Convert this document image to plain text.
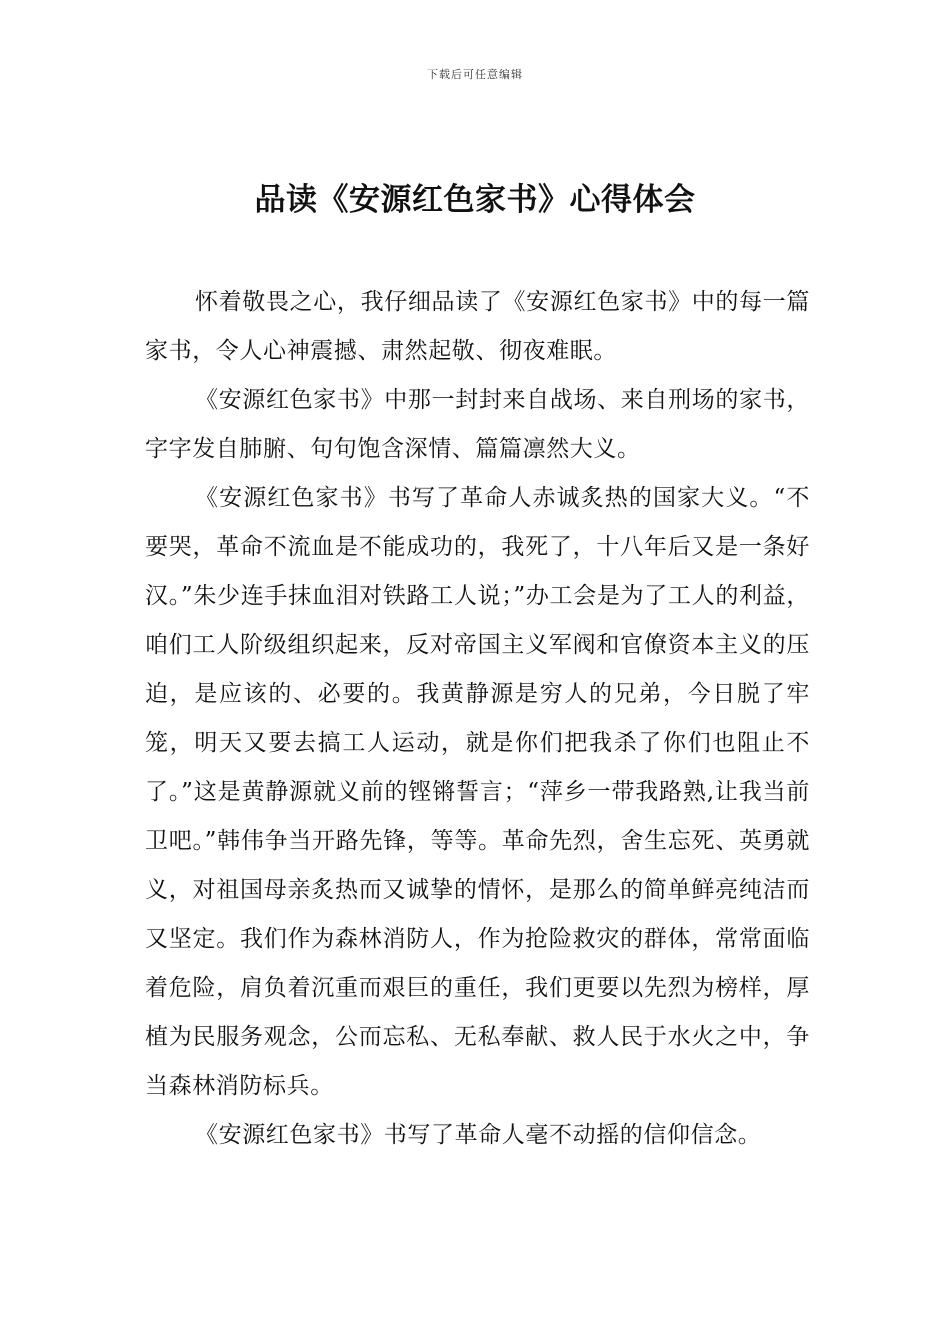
下载后可任意编辑
品读《安源红色家书》心得体会

怀着敬畏之心，我仔细品读了《安源红色家书》中的每一篇家书，令人心神震撼、肃然起敬、彻夜难眠。

《安源红色家书》中那一封封来自战场、来自刑场的家书，字字发自肺腑、句句饱含深情、篇篇凛然大义。

《安源红色家书》书写了革命人赤诚炙热的国家大义。“不要哭，革命不流血是不能成功的，我死了，十八年后又是一条好汉。”朱少连手抹血泪对铁路工人说；”办工会是为了工人的利益，咱们工人阶级组织起来，反对帝国主义军阀和官僚资本主义的压迫，是应该的、必要的。我黄静源是穷人的兄弟，今日脱了牢笼，明天又要去搞工人运动，就是你们把我杀了你们也阻止不了。”这是黄静源就义前的铿锵誓言；“萍乡一带我路熟,让我当前卫吧。”韩伟争当开路先锋，等等。革命先烈，舍生忘死、英勇就义，对祖国母亲炙热而又诚挚的情怀，是那么的简单鲜亮纯洁而又坚定。我们作为森林消防人，作为抢险救灾的群体，常常面临着危险，肩负着沉重而艰巨的重任，我们更要以先烈为榜样，厚植为民服务观念，公而忘私、无私奉献、救人民于水火之中，争当森林消防标兵。

《安源红色家书》书写了革命人毫不动摇的信仰信念。
